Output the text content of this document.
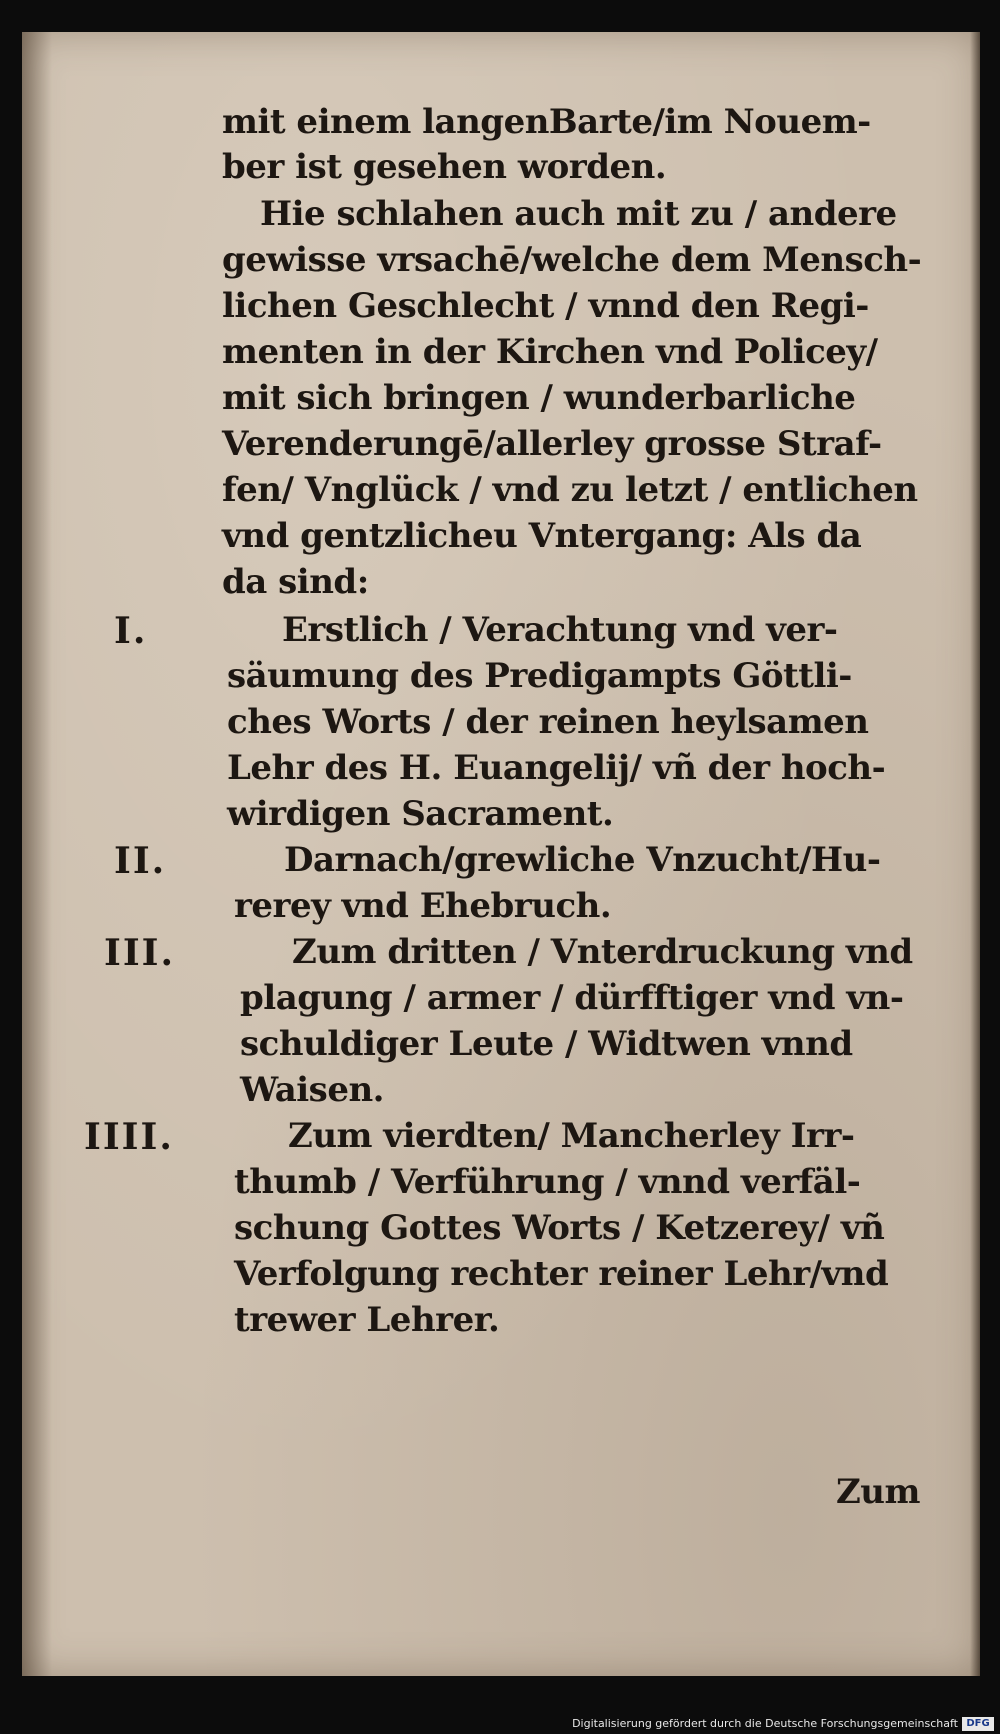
mit einem langenBarte/im Nouem-
ber ist gesehen worden.
Hie schlahen auch mit zu / andere
gewisse vrsachē/welche dem Mensch-
lichen Geschlecht / vnnd den Regi-
menten in der Kirchen vnd Policey/
mit sich bringen / wunderbarliche
Verenderungē/allerley grosse Straf-
fen/ Vnglück / vnd zu letzt / entlichen
vnd gentzlicheu Vntergang: Als da
da sind:
I.	Erstlich / Verachtung vnd ver-
säumung des Predigampts Göttli-
ches Worts / der reinen heylsamen
Lehr des H. Euangelij/ vñ der hoch-
wirdigen Sacrament.
II.	Darnach/grewliche Vnzucht/Hu-
rerey vnd Ehebruch.
III.	Zum dritten / Vnterdruckung vnd
plagung / armer / dürfftiger vnd vn-
schuldiger Leute / Widtwen vnnd
Waisen.
IIII.	Zum vierdten/ Mancherley Irr-
thumb / Verführung / vnnd verfäl-
schung Gottes Worts / Ketzerey/ vñ
Verfolgung rechter reiner Lehr/vnd
trewer Lehrer.
Zum
Digitalisierung gefördert durch die Deutsche Forschungsgemeinschaft DFG
